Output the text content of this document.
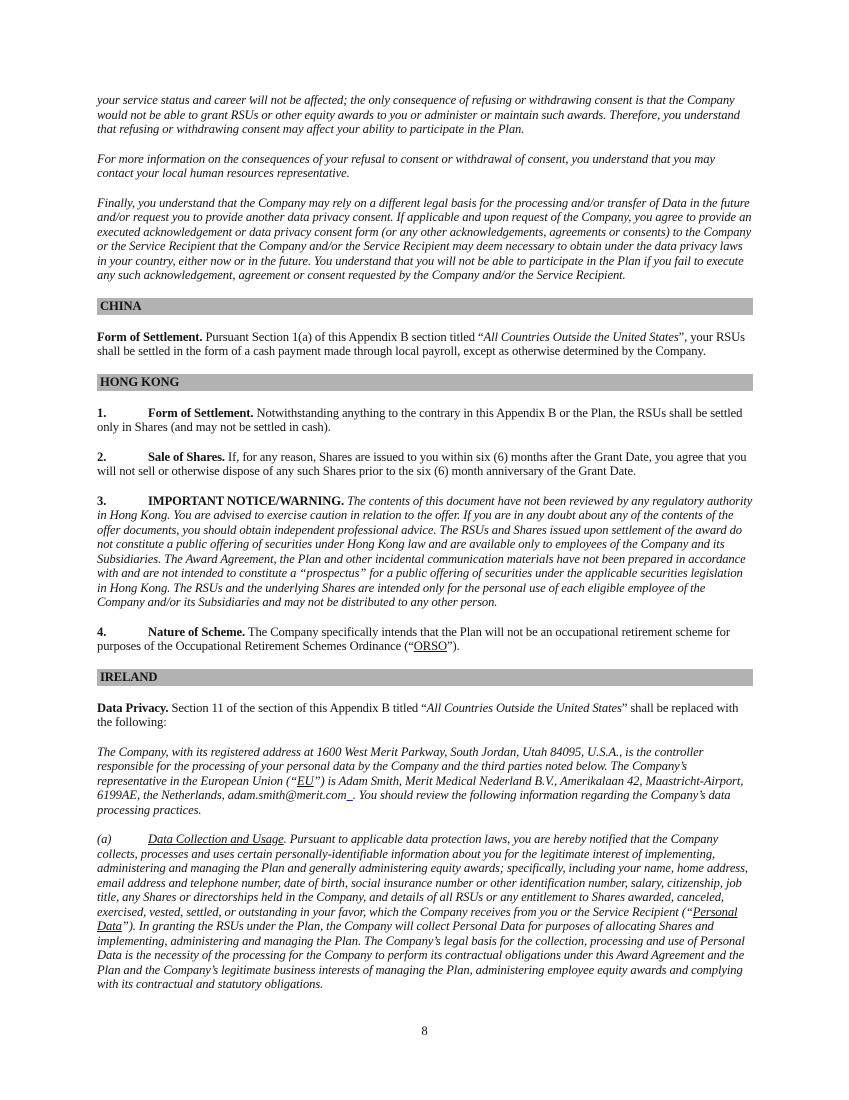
your service status and career will not be affected; the only consequence of refusing or withdrawing consent is that the Company would not be able to grant RSUs or other equity awards to you or administer or maintain such awards. Therefore, you understand that refusing or withdrawing consent may affect your ability to participate in the Plan.

For more information on the consequences of your refusal to consent or withdrawal of consent, you understand that you may contact your local human resources representative.

Finally, you understand that the Company may rely on a different legal basis for the processing and/or transfer of Data in the future and/or request you to provide another data privacy consent. If applicable and upon request of the Company, you agree to provide an executed acknowledgement or data privacy consent form (or any other acknowledgements, agreements or consents) to the Company or the Service Recipient that the Company and/or the Service Recipient may deem necessary to obtain under the data privacy laws in your country, either now or in the future. You understand that you will not be able to participate in the Plan if you fail to execute any such acknowledgement, agreement or consent requested by the Company and/or the Service Recipient.

CHINA

Form of Settlement. Pursuant Section 1(a) of this Appendix B section titled “All Countries Outside the United States”, your RSUs shall be settled in the form of a cash payment made through local payroll, except as otherwise determined by the Company.

HONG KONG

1.	Form of Settlement. Notwithstanding anything to the contrary in this Appendix B or the Plan, the RSUs shall be settled only in Shares (and may not be settled in cash).

2.	Sale of Shares. If, for any reason, Shares are issued to you within six (6) months after the Grant Date, you agree that you will not sell or otherwise dispose of any such Shares prior to the six (6) month anniversary of the Grant Date.

3.	IMPORTANT NOTICE/WARNING. The contents of this document have not been reviewed by any regulatory authority in Hong Kong. You are advised to exercise caution in relation to the offer. If you are in any doubt about any of the contents of the offer documents, you should obtain independent professional advice. The RSUs and Shares issued upon settlement of the award do not constitute a public offering of securities under Hong Kong law and are available only to employees of the Company and its Subsidiaries. The Award Agreement, the Plan and other incidental communication materials have not been prepared in accordance with and are not intended to constitute a “prospectus” for a public offering of securities under the applicable securities legislation in Hong Kong. The RSUs and the underlying Shares are intended only for the personal use of each eligible employee of the Company and/or its Subsidiaries and may not be distributed to any other person.

4.	Nature of Scheme. The Company specifically intends that the Plan will not be an occupational retirement scheme for purposes of the Occupational Retirement Schemes Ordinance (“ORSO”).

IRELAND

Data Privacy. Section 11 of the section of this Appendix B titled “All Countries Outside the United States” shall be replaced with the following:

The Company, with its registered address at 1600 West Merit Parkway, South Jordan, Utah 84095, U.S.A., is the controller responsible for the processing of your personal data by the Company and the third parties noted below. The Company’s representative in the European Union (“EU”) is Adam Smith, Merit Medical Nederland B.V., Amerikalaan 42, Maastricht-Airport, 6199AE, the Netherlands, adam.smith@merit.com_. You should review the following information regarding the Company’s data processing practices.

(a)	Data Collection and Usage. Pursuant to applicable data protection laws, you are hereby notified that the Company collects, processes and uses certain personally-identifiable information about you for the legitimate interest of implementing, administering and managing the Plan and generally administering equity awards; specifically, including your name, home address, email address and telephone number, date of birth, social insurance number or other identification number, salary, citizenship, job title, any Shares or directorships held in the Company, and details of all RSUs or any entitlement to Shares awarded, canceled, exercised, vested, settled, or outstanding in your favor, which the Company receives from you or the Service Recipient (“Personal Data”). In granting the RSUs under the Plan, the Company will collect Personal Data for purposes of allocating Shares and implementing, administering and managing the Plan. The Company’s legal basis for the collection, processing and use of Personal Data is the necessity of the processing for the Company to perform its contractual obligations under this Award Agreement and the Plan and the Company’s legitimate business interests of managing the Plan, administering employee equity awards and complying with its contractual and statutory obligations.

8
